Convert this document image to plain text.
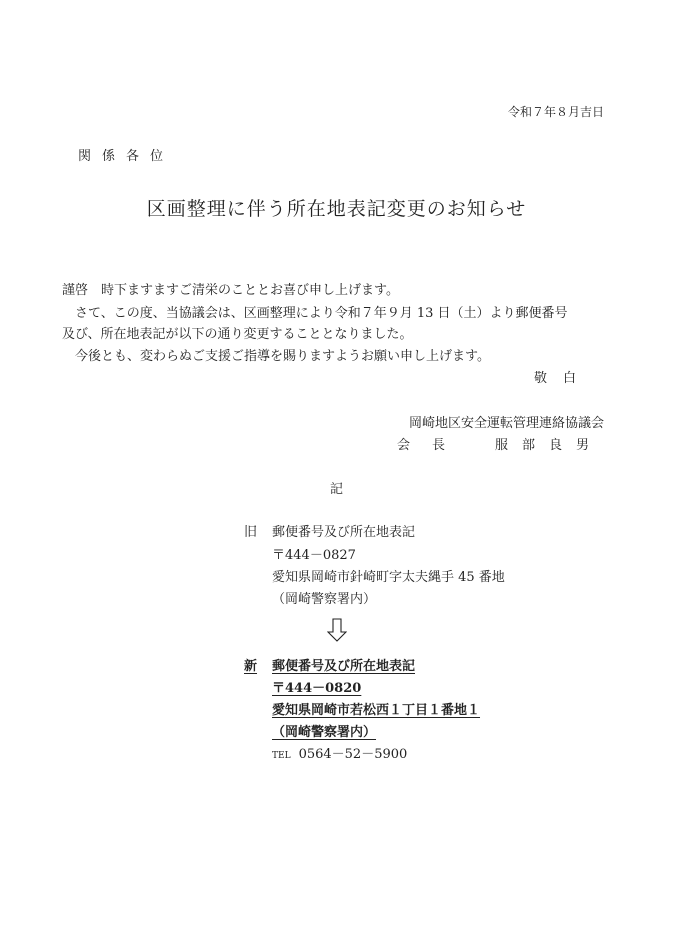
令和７年８月吉日
関係各位
区画整理に伴う所在地表記変更のお知らせ
謹啓　時下ますますご清栄のこととお喜び申し上げます。
　さて、この度、当協議会は、区画整理により令和７年９月 13 日（土）より郵便番号
及び、所在地表記が以下の通り変更することとなりました。
　今後とも、変わらぬご支援ご指導を賜りますようお願い申し上げます。
敬白
岡崎地区安全運転管理連絡協議会
会長 服部良男
記
旧 郵便番号及び所在地表記
〒444－0827
愛知県岡崎市針崎町字太夫縄手 45 番地
（岡崎警察署内）
新 郵便番号及び所在地表記
〒444－0820
愛知県岡崎市若松西１丁目１番地１
（岡崎警察署内）
TEL 0564－52－5900
